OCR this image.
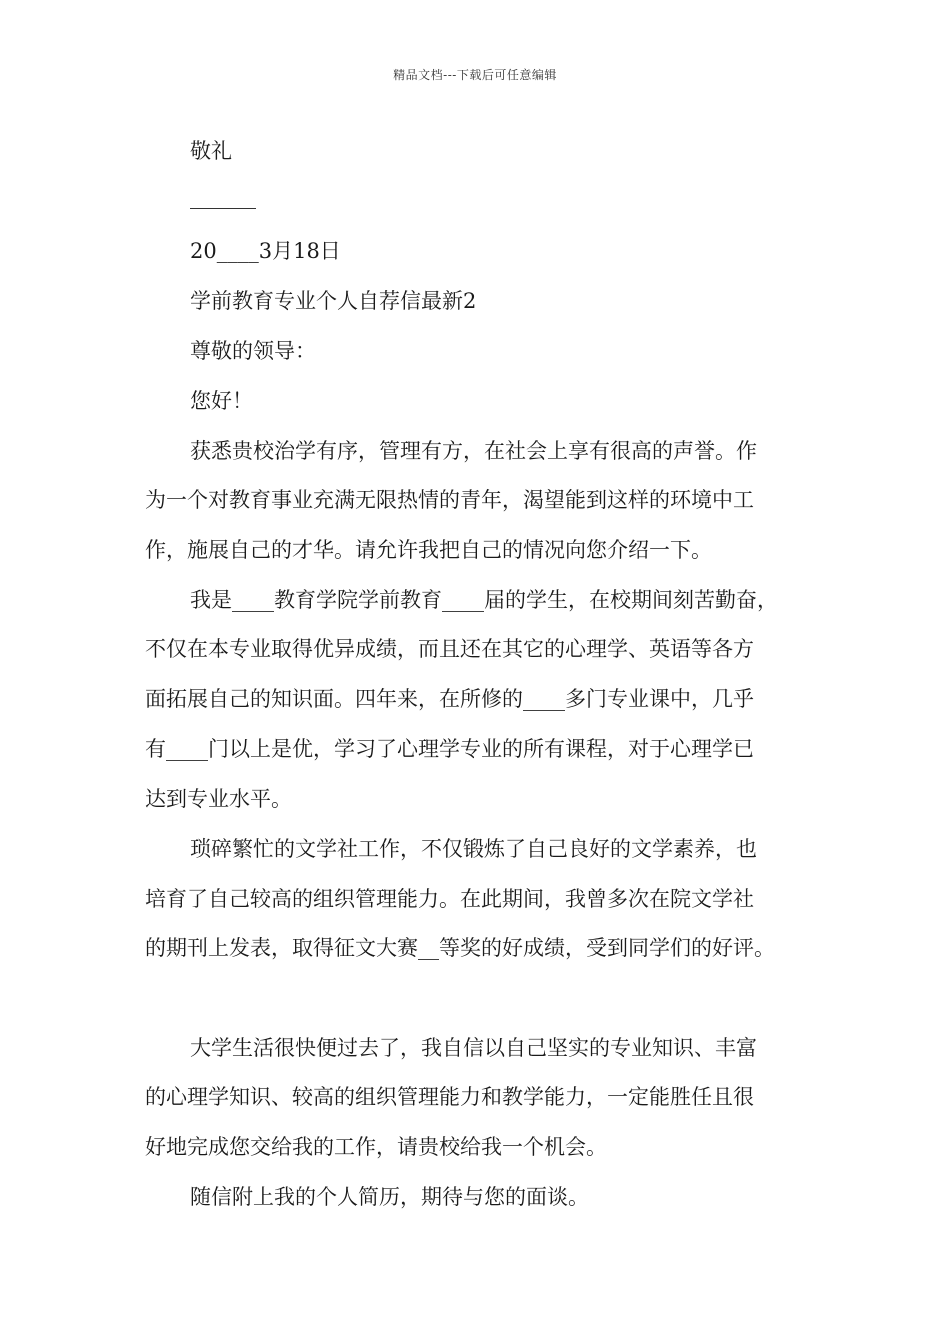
精品文档---下载后可任意编辑
敬礼
20____3月18日
学前教育专业个人自荐信最新2
尊敬的领导：
您好！
获悉贵校治学有序，管理有方，在社会上享有很高的声誉。作
为一个对教育事业充满无限热情的青年，渴望能到这样的环境中工
作，施展自己的才华。请允许我把自己的情况向您介绍一下。
我是____教育学院学前教育____届的学生，在校期间刻苦勤奋，
不仅在本专业取得优异成绩，而且还在其它的心理学、英语等各方
面拓展自己的知识面。四年来，在所修的____多门专业课中，几乎
有____门以上是优，学习了心理学专业的所有课程，对于心理学已
达到专业水平。
琐碎繁忙的文学社工作，不仅锻炼了自己良好的文学素养，也
培育了自己较高的组织管理能力。在此期间，我曾多次在院文学社
的期刊上发表，取得征文大赛__等奖的好成绩，受到同学们的好评。
大学生活很快便过去了，我自信以自己坚实的专业知识、丰富
的心理学知识、较高的组织管理能力和教学能力，一定能胜任且很
好地完成您交给我的工作，请贵校给我一个机会。
随信附上我的个人简历，期待与您的面谈。
